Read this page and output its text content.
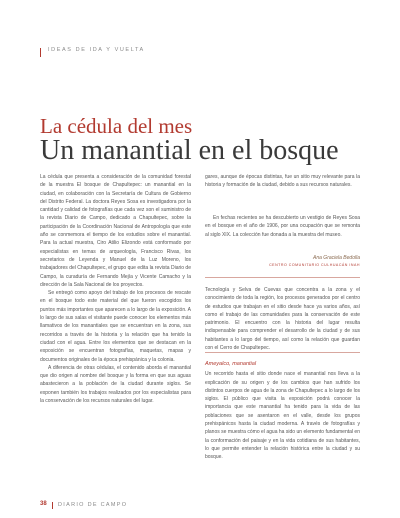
IDEAS DE IDA Y VUELTA
La cédula del mes
Un manantial en el bosque

La cédula que presenta a consideración de la comunidad forestal de la muestra El bosque de Chapultepec: un manantial en la ciudad, en colaboración con la Secretaría de Cultura de Gobierno del Distrito Federal. La doctora Reyes Sosa es investigadora por la cantidad y calidad de fotografías que cada vez son el suministro de la revista Diario de Campo, dedicado a Chapultepec, sobre la participación de la Coordinación Nacional de Antropología que este año se conmemora el tiempo de los estudios sobre el manantial. Para la actual muestra, Ciro Atilio Elizondo está conformado por especialistas en temas de arqueología, Francisco Rivas, los secretarios de Leyenda y Manuel de la Luz Moreno, los trabajadores del Chapultepec, el grupo que edita la revista Diario de Campo, la curaduría de Fernando Mejía y Vicente Camacho y la dirección de la Sala Nacional de los proyectos.

Se entregó como apoyo del trabajo de los procesos de rescate en el bosque todo este material del que fueron escogidos los puntos más importantes que aparecen a lo largo de la exposición. A lo largo de sus salas el visitante puede conocer los elementos más llamativos de los manantiales que se encuentran en la zona, sus recorridos a través de la historia y la relación que ha tenido la ciudad con el agua. Entre los elementos que se destacan en la exposición se encuentran fotografías, maquetas, mapas y documentos originales de la época prehispánica y la colonia.

A diferencia de otras cédulas, el contenido aborda el manantial que dio origen al nombre del bosque y la forma en que sus aguas abastecieron a la población de la ciudad durante siglos. Se exponen también los trabajos realizados por los especialistas para la conservación de los recursos naturales del lugar.

gares, aunque de épocas distintas, fue un sitio muy relevante para la historia y formación de la ciudad, debido a sus recursos naturales.

En fechas recientes se ha descubierto un vestigio de Reyes Sosa en el bosque en el año de 1906, por una ocupación que se remonta al siglo XIX. La colección fue donada a la muestra del museo.

Ana Graciela Bedolla
CENTRO COMUNITARIO CULHUACÁN INAH

Tecnología y Selva de Cuevas que concentra a la zona y el conocimiento de toda la región, los procesos generados por el centro de estudios que trabajan en el sitio desde hace ya varios años, así como el trabajo de las comunidades para la conservación de este patrimonio. El encuentro con la historia del lugar resulta indispensable para comprender el desarrollo de la ciudad y de sus habitantes a lo largo del tiempo, así como la relación que guardan con el Cerro de Chapultepec.

Ameyalco, manantial

Un recorrido hasta el sitio donde nace el manantial nos lleva a la explicación de su origen y de los cambios que han sufrido los distintos cuerpos de agua de la zona de Chapultepec a lo largo de los siglos. El público que visita la exposición podrá conocer la importancia que este manantial ha tenido para la vida de las poblaciones que se asentaron en el valle, desde los grupos prehispánicos hasta la ciudad moderna. A través de fotografías y planos se muestra cómo el agua ha sido un elemento fundamental en la conformación del paisaje y en la vida cotidiana de sus habitantes, lo que permite entender la relación histórica entre la ciudad y su bosque.

38 DIARIO DE CAMPO
